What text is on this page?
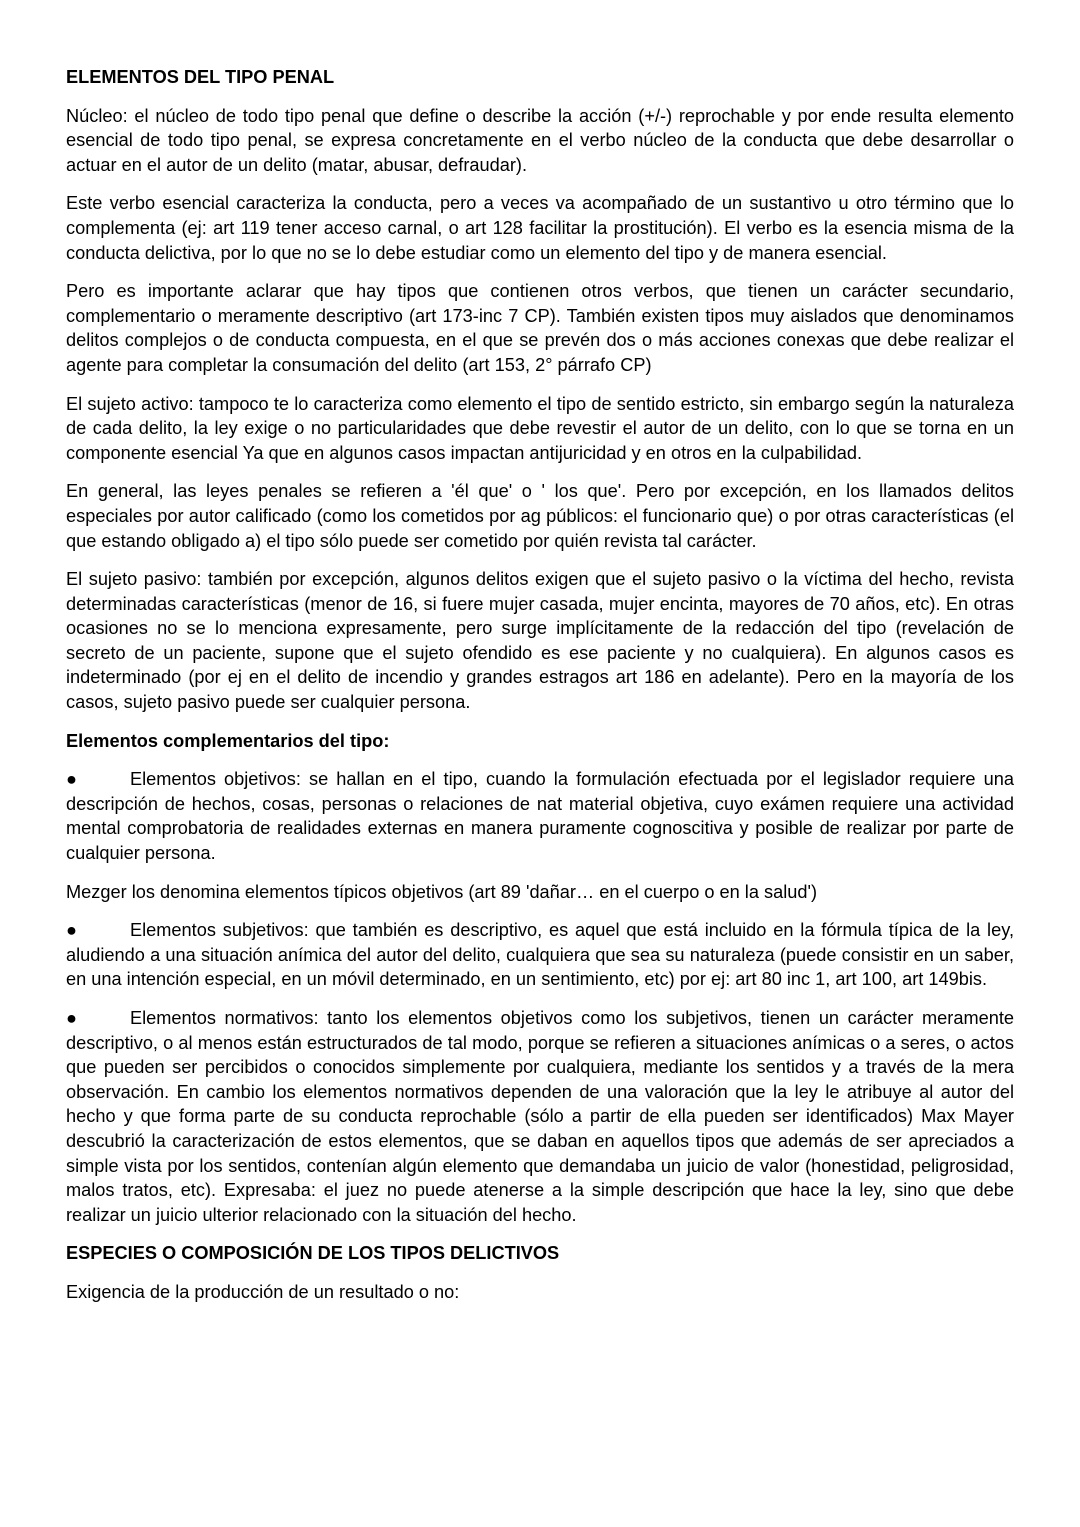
ELEMENTOS DEL TIPO PENAL
Núcleo: el núcleo de todo tipo penal que define o describe la acción (+/-) reprochable y por ende resulta elemento esencial de todo tipo penal, se expresa concretamente en el verbo núcleo de la conducta que debe desarrollar o actuar en el autor de un delito (matar, abusar, defraudar).
Este verbo esencial caracteriza la conducta, pero a veces va acompañado de un sustantivo u otro término que lo complementa (ej: art 119 tener acceso carnal, o art 128 facilitar la prostitución). El verbo es la esencia misma de la conducta delictiva, por lo que no se lo debe estudiar como un elemento del tipo y de manera esencial.
Pero es importante aclarar que hay tipos que contienen otros verbos, que tienen un carácter secundario, complementario o meramente descriptivo (art 173-inc 7 CP). También existen tipos muy aislados que denominamos delitos complejos o de conducta compuesta, en el que se prevén dos o más acciones conexas que debe realizar el agente para completar la consumación del delito (art 153, 2° párrafo CP)
El sujeto activo: tampoco te lo caracteriza como elemento el tipo de sentido estricto, sin embargo según la naturaleza de cada delito, la ley exige o no particularidades que debe revestir el autor de un delito, con lo que se torna en un componente esencial Ya que en algunos casos impactan antijuricidad y en otros en la culpabilidad.
En general, las leyes penales se refieren a 'él que' o ' los que'. Pero por excepción, en los llamados delitos especiales por autor calificado (como los cometidos por ag públicos: el funcionario que) o por otras características (el que estando obligado a) el tipo sólo puede ser cometido por quién revista tal carácter.
El sujeto pasivo: también por excepción, algunos delitos exigen que el sujeto pasivo o la víctima del hecho, revista determinadas características (menor de 16, si fuere mujer casada, mujer encinta, mayores de 70 años, etc). En otras ocasiones no se lo menciona expresamente, pero surge implícitamente de la redacción del tipo (revelación de secreto de un paciente, supone que el sujeto ofendido es ese paciente y no cualquiera). En algunos casos es indeterminado (por ej en el delito de incendio y grandes estragos art 186 en adelante). Pero en la mayoría de los casos, sujeto pasivo puede ser cualquier persona.
Elementos complementarios del tipo:
●	Elementos objetivos: se hallan en el tipo, cuando la formulación efectuada por el legislador requiere una descripción de hechos, cosas, personas o relaciones de nat material objetiva, cuyo exámen requiere una actividad mental comprobatoria de realidades externas en manera puramente cognoscitiva y posible de realizar por parte de cualquier persona.
Mezger los denomina elementos típicos objetivos (art 89 'dañar… en el cuerpo o en la salud')
●	Elementos subjetivos: que también es descriptivo, es aquel que está incluido en la fórmula típica de la ley, aludiendo a una situación anímica del autor del delito, cualquiera que sea su naturaleza (puede consistir en un saber, en una intención especial, en un móvil determinado, en un sentimiento, etc) por ej: art 80 inc 1, art 100, art 149bis.
●	Elementos normativos: tanto los elementos objetivos como los subjetivos, tienen un carácter meramente descriptivo, o al menos están estructurados de tal modo, porque se refieren a situaciones anímicas o a seres, o actos que pueden ser percibidos o conocidos simplemente por cualquiera, mediante los sentidos y a través de la mera observación. En cambio los elementos normativos dependen de una valoración que la ley le atribuye al autor del hecho y que forma parte de su conducta reprochable (sólo a partir de ella pueden ser identificados) Max Mayer descubrió la caracterización de estos elementos, que se daban en aquellos tipos que además de ser apreciados a simple vista por los sentidos, contenían algún elemento que demandaba un juicio de valor (honestidad, peligrosidad, malos tratos, etc). Expresaba: el juez no puede atenerse a la simple descripción que hace la ley, sino que debe realizar un juicio ulterior relacionado con la situación del hecho.
ESPECIES O COMPOSICIÓN DE LOS TIPOS DELICTIVOS
Exigencia de la producción de un resultado o no:
